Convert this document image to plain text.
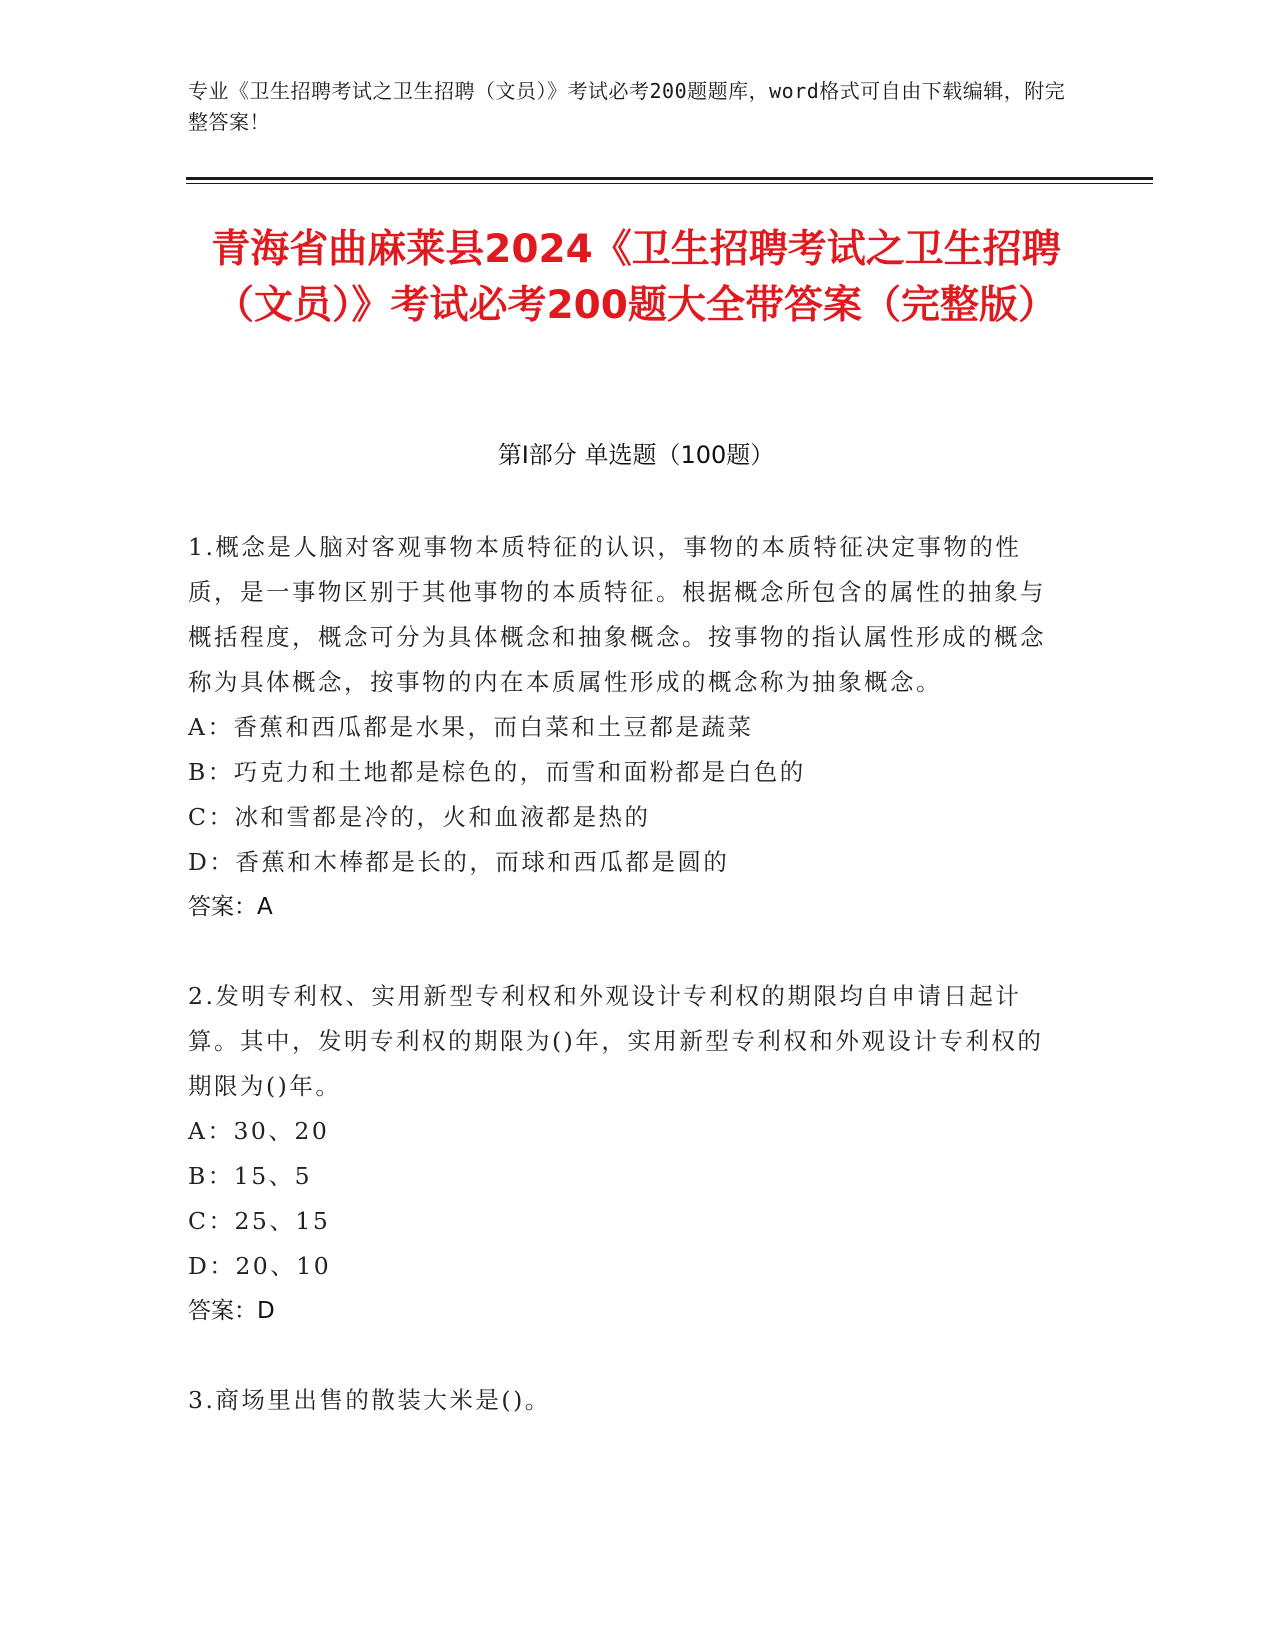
专业《卫生招聘考试之卫生招聘（文员）》考试必考200题题库，word格式可自由下载编辑，附完整答案！
青海省曲麻莱县2024《卫生招聘考试之卫生招聘（文员）》考试必考200题大全带答案（完整版）
第Ⅰ部分 单选题（100题）

1.概念是人脑对客观事物本质特征的认识，事物的本质特征决定事物的性质，是一事物区别于其他事物的本质特征。根据概念所包含的属性的抽象与概括程度，概念可分为具体概念和抽象概念。按事物的指认属性形成的概念称为具体概念，按事物的内在本质属性形成的概念称为抽象概念。

A：香蕉和西瓜都是水果，而白菜和土豆都是蔬菜

B：巧克力和土地都是棕色的，而雪和面粉都是白色的

C：冰和雪都是冷的，火和血液都是热的

D：香蕉和木棒都是长的，而球和西瓜都是圆的

答案：A

2.发明专利权、实用新型专利权和外观设计专利权的期限均自申请日起计算。其中，发明专利权的期限为()年，实用新型专利权和外观设计专利权的期限为()年。

A：30、20

B：15、5

C：25、15

D：20、10

答案：D

3.商场里出售的散装大米是()。
